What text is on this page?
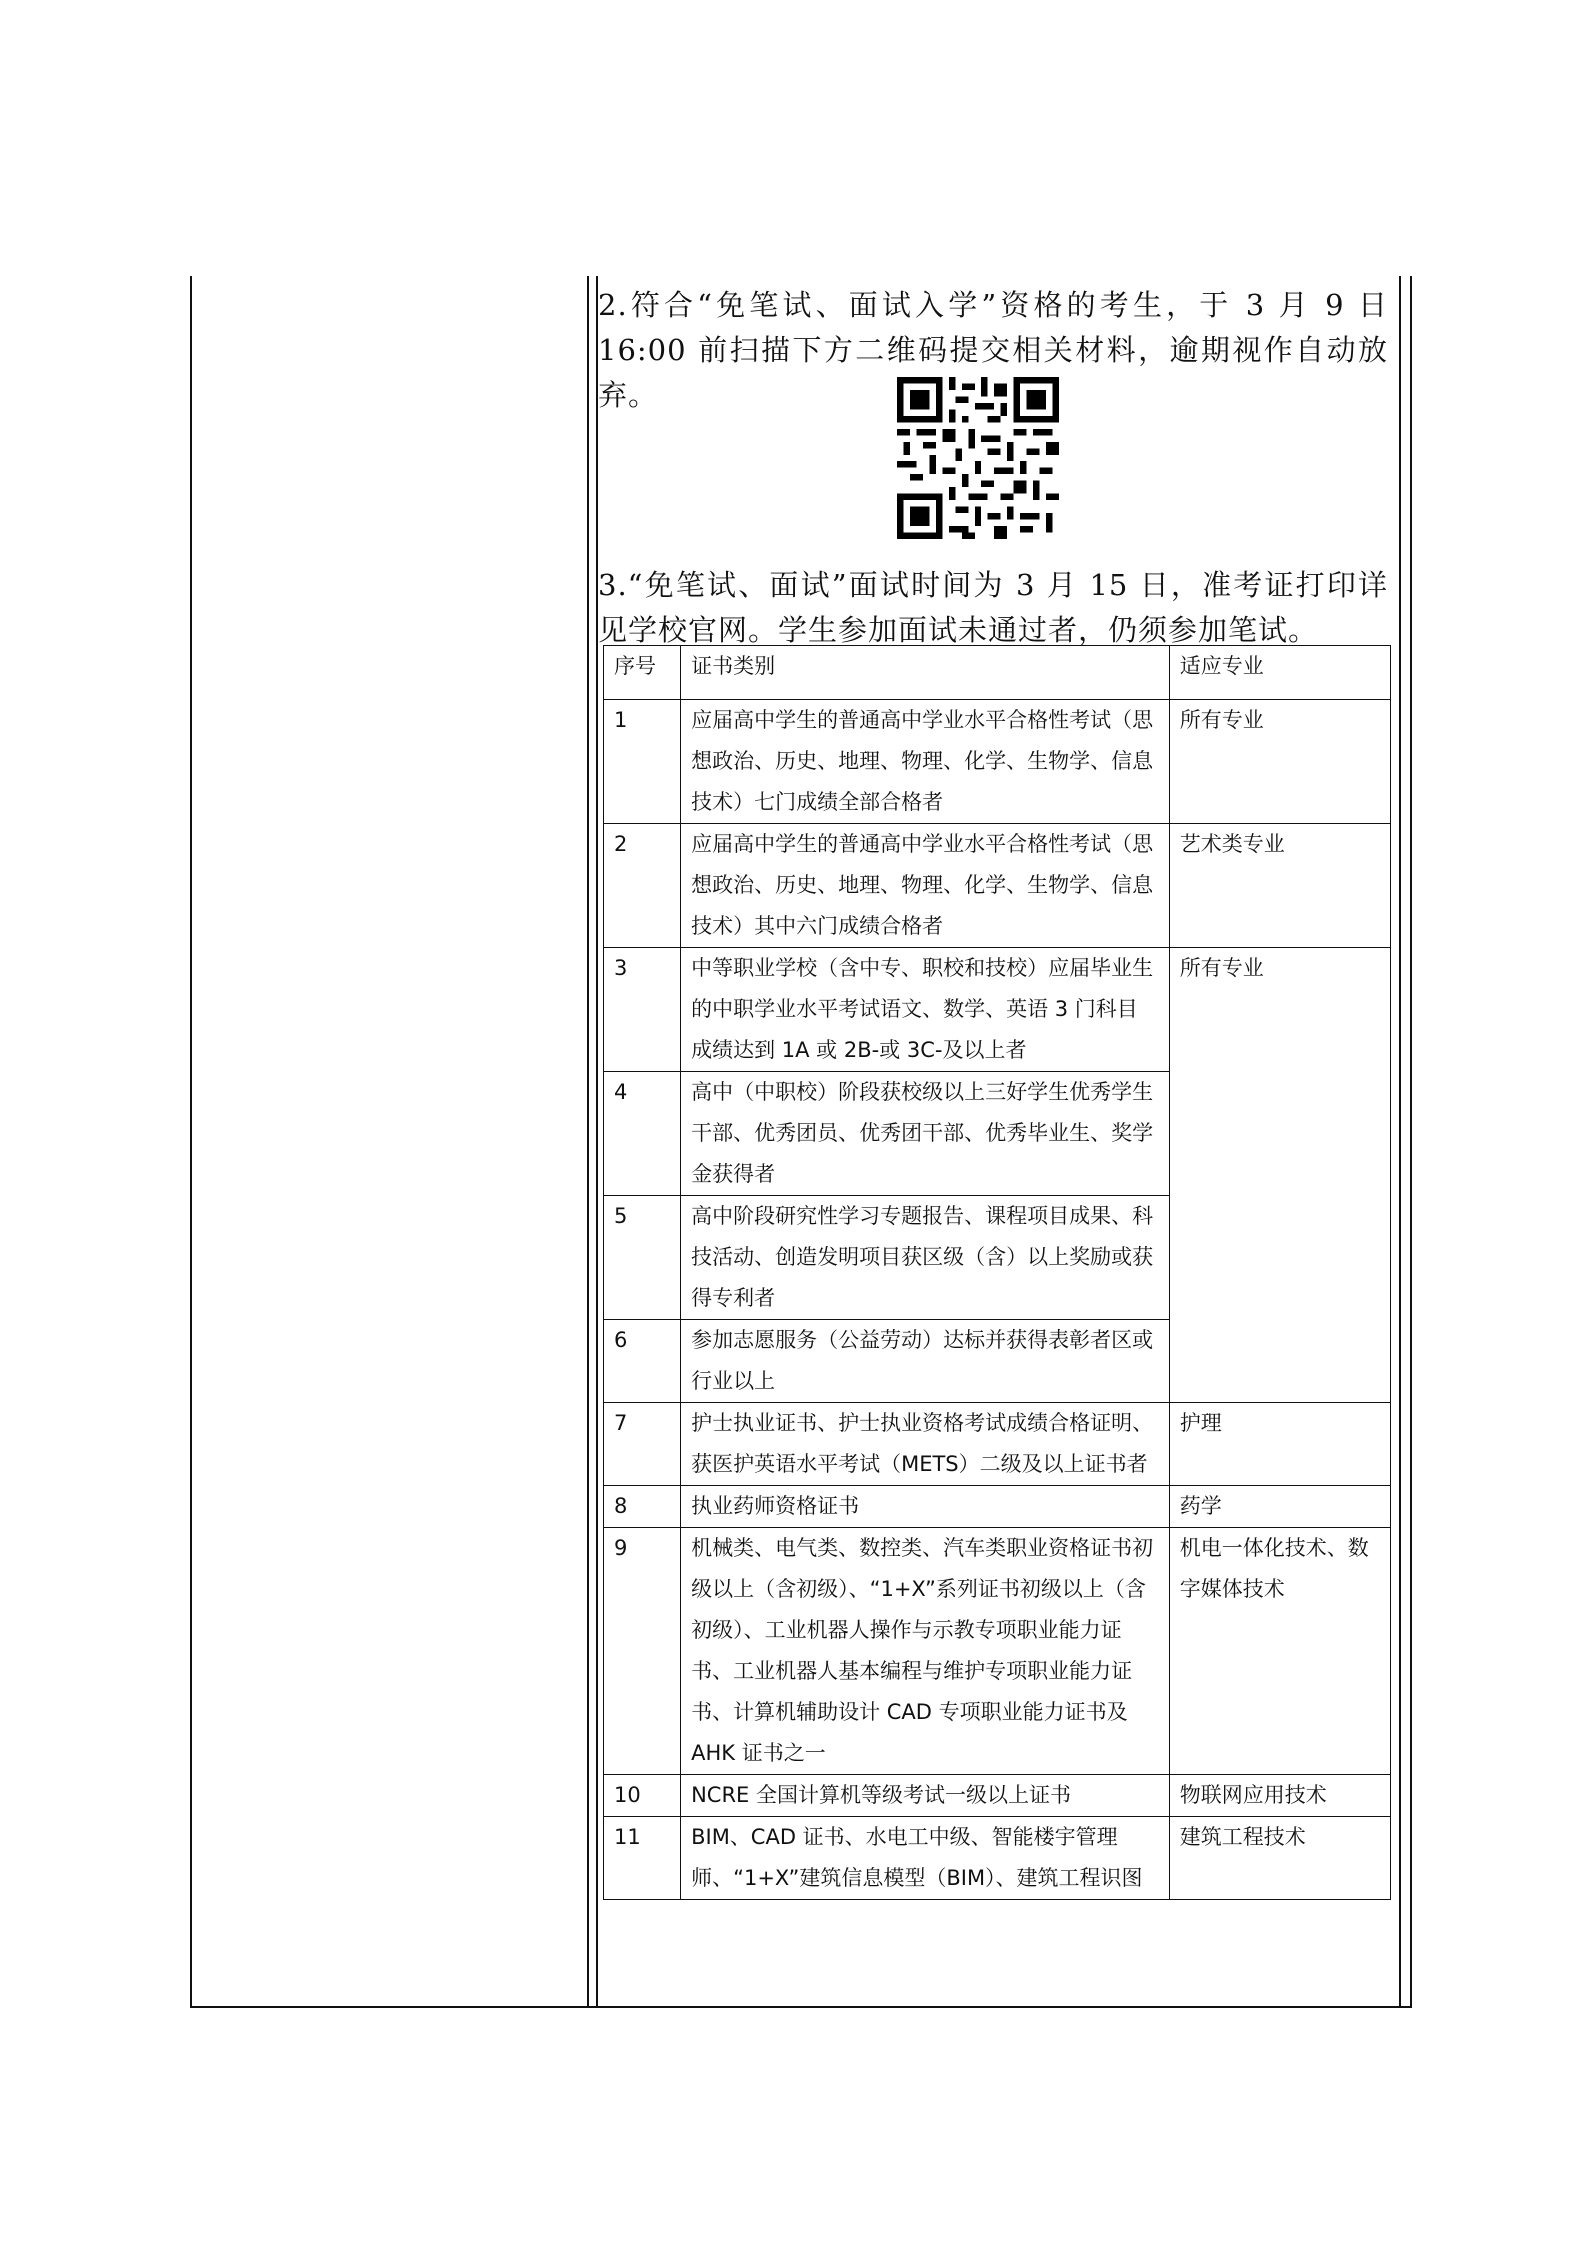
2.符合“免笔试、面试入学”资格的考生，于 3 月 9 日 16:00 前扫描下方二维码提交相关材料，逾期视作自动放弃。

3.“免笔试、面试”面试时间为 3 月 15 日，准考证打印详见学校官网。学生参加面试未通过者，仍须参加笔试。

序号	证书类别	适应专业
1	应届高中学生的普通高中学业水平合格性考试（思想政治、历史、地理、物理、化学、生物学、信息技术）七门成绩全部合格者	所有专业
2	应届高中学生的普通高中学业水平合格性考试（思想政治、历史、地理、物理、化学、生物学、信息技术）其中六门成绩合格者	艺术类专业
3	中等职业学校（含中专、职校和技校）应届毕业生的中职学业水平考试语文、数学、英语 3 门科目成绩达到 1A 或 2B-或 3C-及以上者	所有专业
4	高中（中职校）阶段获校级以上三好学生优秀学生干部、优秀团员、优秀团干部、优秀毕业生、奖学金获得者	
5	高中阶段研究性学习专题报告、课程项目成果、科技活动、创造发明项目获区级（含）以上奖励或获得专利者	
6	参加志愿服务（公益劳动）达标并获得表彰者区或行业以上	
7	护士执业证书、护士执业资格考试成绩合格证明、获医护英语水平考试（METS）二级及以上证书者	护理
8	执业药师资格证书	药学
9	机械类、电气类、数控类、汽车类职业资格证书初级以上（含初级）、“1+X”系列证书初级以上（含初级）、工业机器人操作与示教专项职业能力证书、工业机器人基本编程与维护专项职业能力证书、计算机辅助设计 CAD 专项职业能力证书及 AHK 证书之一	机电一体化技术、数字媒体技术
10	NCRE 全国计算机等级考试一级以上证书	物联网应用技术
11	BIM、CAD 证书、水电工中级、智能楼宇管理师、“1+X”建筑信息模型（BIM）、建筑工程识图	建筑工程技术
